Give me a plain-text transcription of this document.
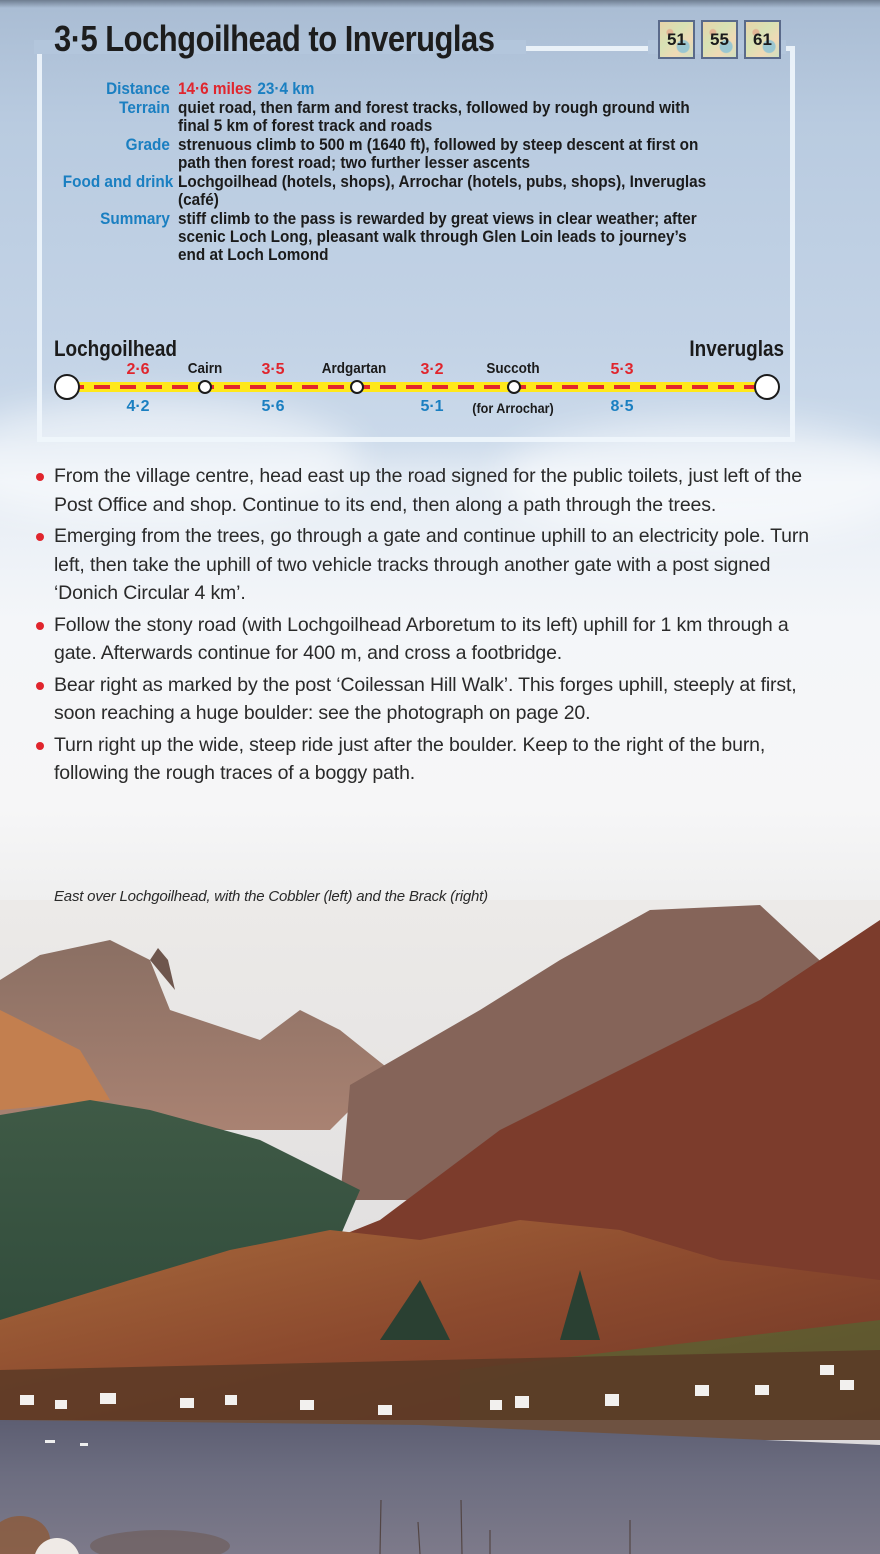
3·5 Lochgoilhead to Inveruglas	51 55 61
Distance 14·6 miles 23·4 km
Terrain quiet road, then farm and forest tracks, followed by rough ground with final 5 km of forest track and roads
Grade strenuous climb to 500 m (1640 ft), followed by steep descent at first on path then forest road; two further lesser ascents
Food and drink Lochgoilhead (hotels, shops), Arrochar (hotels, pubs, shops), Inveruglas (café)
Summary stiff climb to the pass is rewarded by great views in clear weather; after scenic Loch Long, pleasant walk through Glen Loin leads to journey’s end at Loch Lomond
Lochgoilhead	Inveruglas
Cairn	Ardgartan	Succoth
(for Arrochar)
2·6
4·2
3·5
5·6
3·2
5·1
5·3
8·5
From the village centre, head east up the road signed for the public toilets, just left of the Post Office and shop. Continue to its end, then along a path through the trees.
Emerging from the trees, go through a gate and continue uphill to an electricity pole. Turn left, then take the uphill of two vehicle tracks through another gate with a post signed ‘Donich Circular 4 km’.
Follow the stony road (with Lochgoilhead Arboretum to its left) uphill for 1 km through a gate. Afterwards continue for 400 m, and cross a footbridge.
Bear right as marked by the post ‘Coilessan Hill Walk’. This forges uphill, steeply at first, soon reaching a huge boulder: see the photograph on page 20.
Turn right up the wide, steep ride just after the boulder. Keep to the right of the burn, following the rough traces of a boggy path.
East over Lochgoilhead, with the Cobbler (left) and the Brack (right)
